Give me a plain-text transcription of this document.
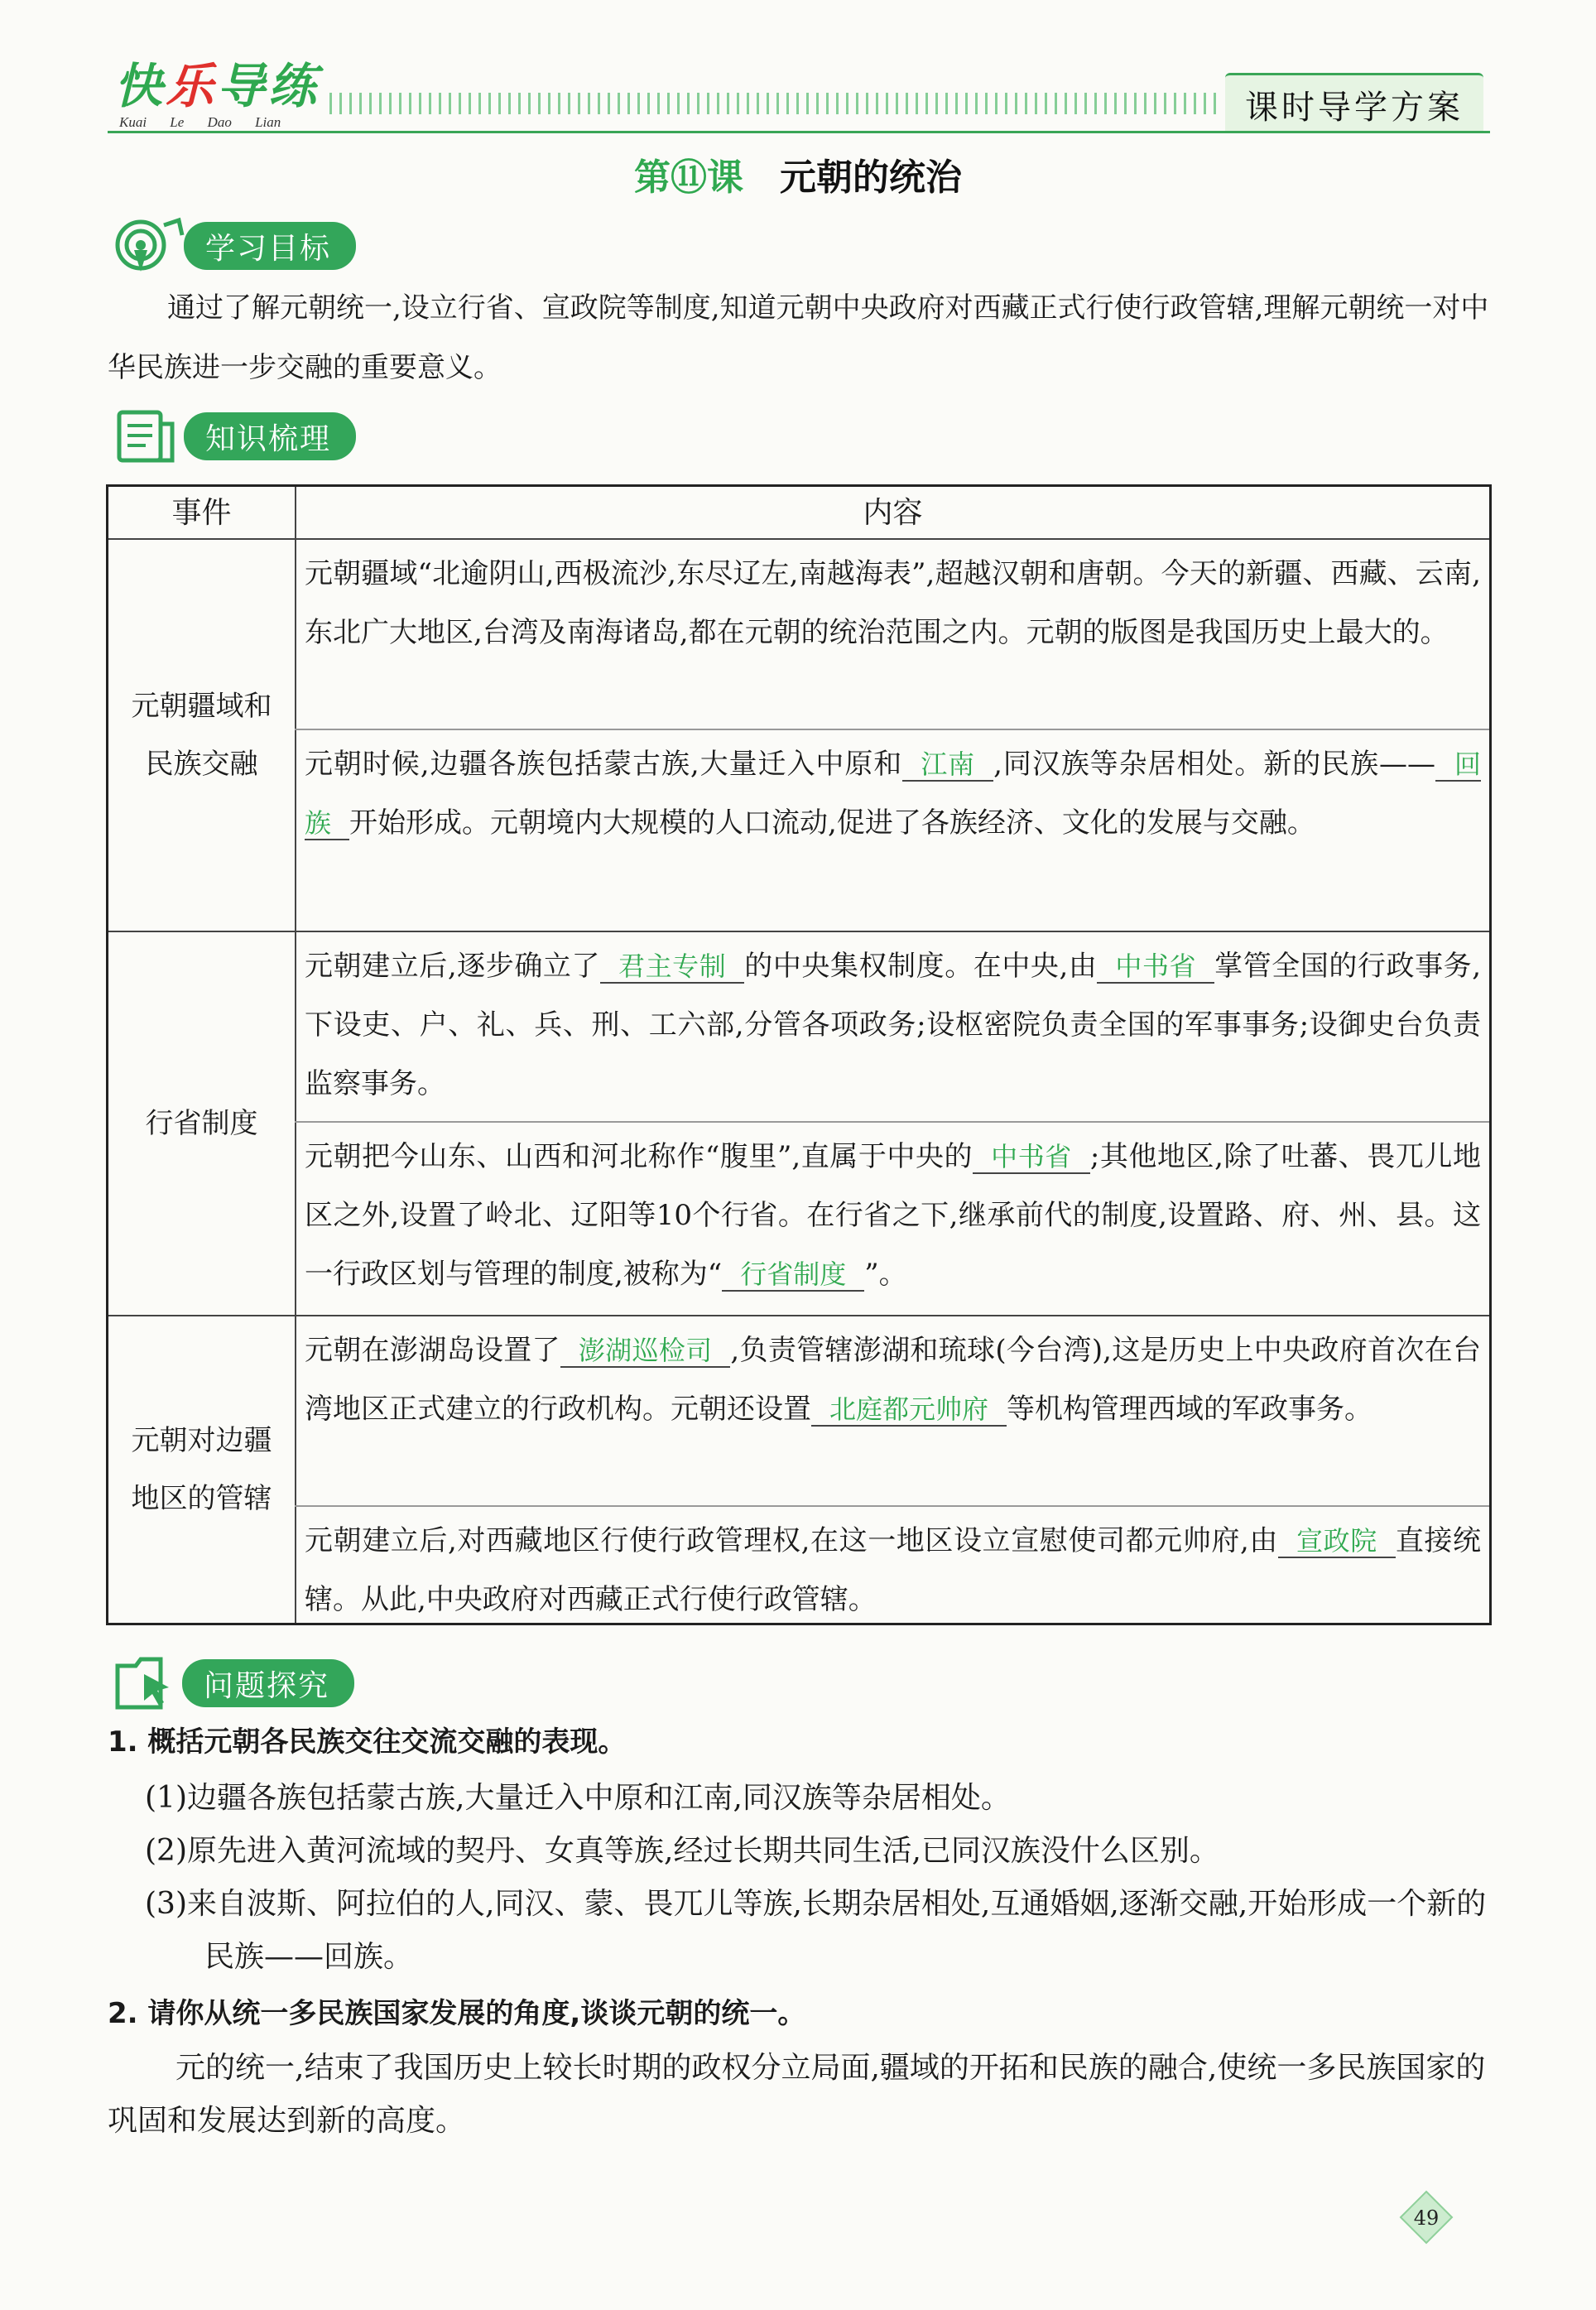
快乐导练
Kuai Le Dao Lian	课时导学方案
第⑪课 元朝的统治
学习目标
通过了解元朝统一,设立行省、宣政院等制度,知道元朝中央政府对西藏正式行使行政管辖,理解元朝统一对中华民族进一步交融的重要意义。
知识梳理
事件	内容
元朝疆域和民族交融
元朝疆域“北逾阴山,西极流沙,东尽辽左,南越海表”,超越汉朝和唐朝。今天的新疆、西藏、云南,东北广大地区,台湾及南海诸岛,都在元朝的统治范围之内。元朝的版图是我国历史上最大的。
元朝时候,边疆各族包括蒙古族,大量迁入中原和 江南 ,同汉族等杂居相处。新的民族—— 回族 开始形成。元朝境内大规模的人口流动,促进了各族经济、文化的发展与交融。
行省制度
元朝建立后,逐步确立了 君主专制 的中央集权制度。在中央,由 中书省 掌管全国的行政事务,下设吏、户、礼、兵、刑、工六部,分管各项政务;设枢密院负责全国的军事事务;设御史台负责监察事务。
元朝把今山东、山西和河北称作“腹里”,直属于中央的 中书省 ;其他地区,除了吐蕃、畏兀儿地区之外,设置了岭北、辽阳等10个行省。在行省之下,继承前代的制度,设置路、府、州、县。这一行政区划与管理的制度,被称为“ 行省制度 ”。
元朝对边疆地区的管辖
元朝在澎湖岛设置了 澎湖巡检司 ,负责管辖澎湖和琉球(今台湾),这是历史上中央政府首次在台湾地区正式建立的行政机构。元朝还设置 北庭都元帅府 等机构管理西域的军政事务。
元朝建立后,对西藏地区行使行政管理权,在这一地区设立宣慰使司都元帅府,由 宣政院 直接统辖。从此,中央政府对西藏正式行使行政管辖。
问题探究
1. 概括元朝各民族交往交流交融的表现。
(1)边疆各族包括蒙古族,大量迁入中原和江南,同汉族等杂居相处。
(2)原先进入黄河流域的契丹、女真等族,经过长期共同生活,已同汉族没什么区别。
(3)来自波斯、阿拉伯的人,同汉、蒙、畏兀儿等族,长期杂居相处,互通婚姻,逐渐交融,开始形成一个新的民族——回族。
2. 请你从统一多民族国家发展的角度,谈谈元朝的统一。
元的统一,结束了我国历史上较长时期的政权分立局面,疆域的开拓和民族的融合,使统一多民族国家的巩固和发展达到新的高度。
49
